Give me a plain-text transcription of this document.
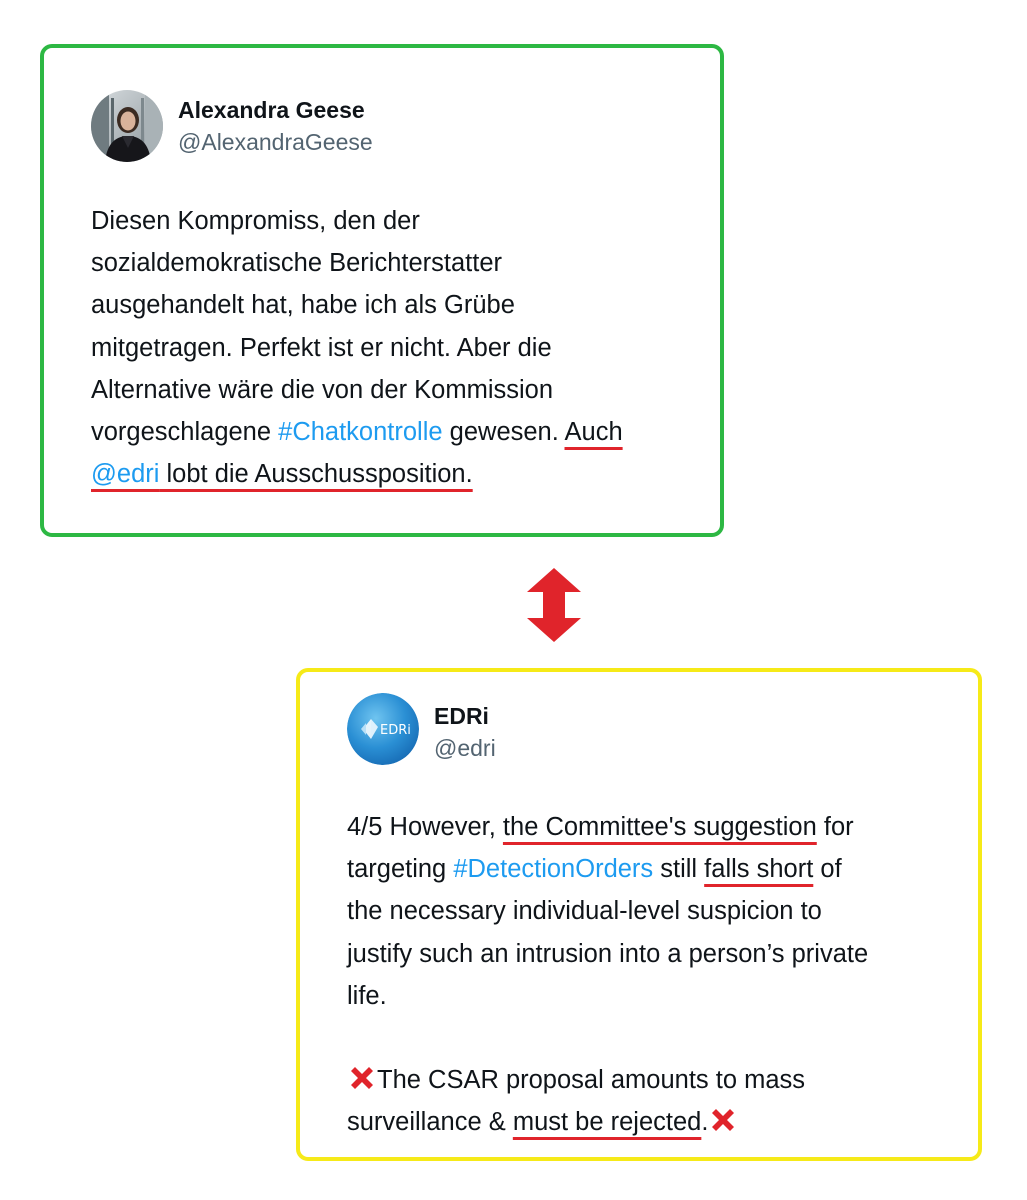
Alexandra Geese
@AlexandraGeese
Diesen Kompromiss, den der
sozialdemokratische Berichterstatter
ausgehandelt hat, habe ich als Grübe
mitgetragen. Perfekt ist er nicht. Aber die
Alternative wäre die von der Kommission
vorgeschlagene #Chatkontrolle gewesen. Auch
@edri lobt die Ausschussposition.
EDRi
EDRi
@edri
4/5 However, the Committee's suggestion for
targeting #DetectionOrders still falls short of
the necessary individual-level suspicion to
justify such an intrusion into a person’s private
life.
The CSAR proposal amounts to mass
surveillance & must be rejected.
